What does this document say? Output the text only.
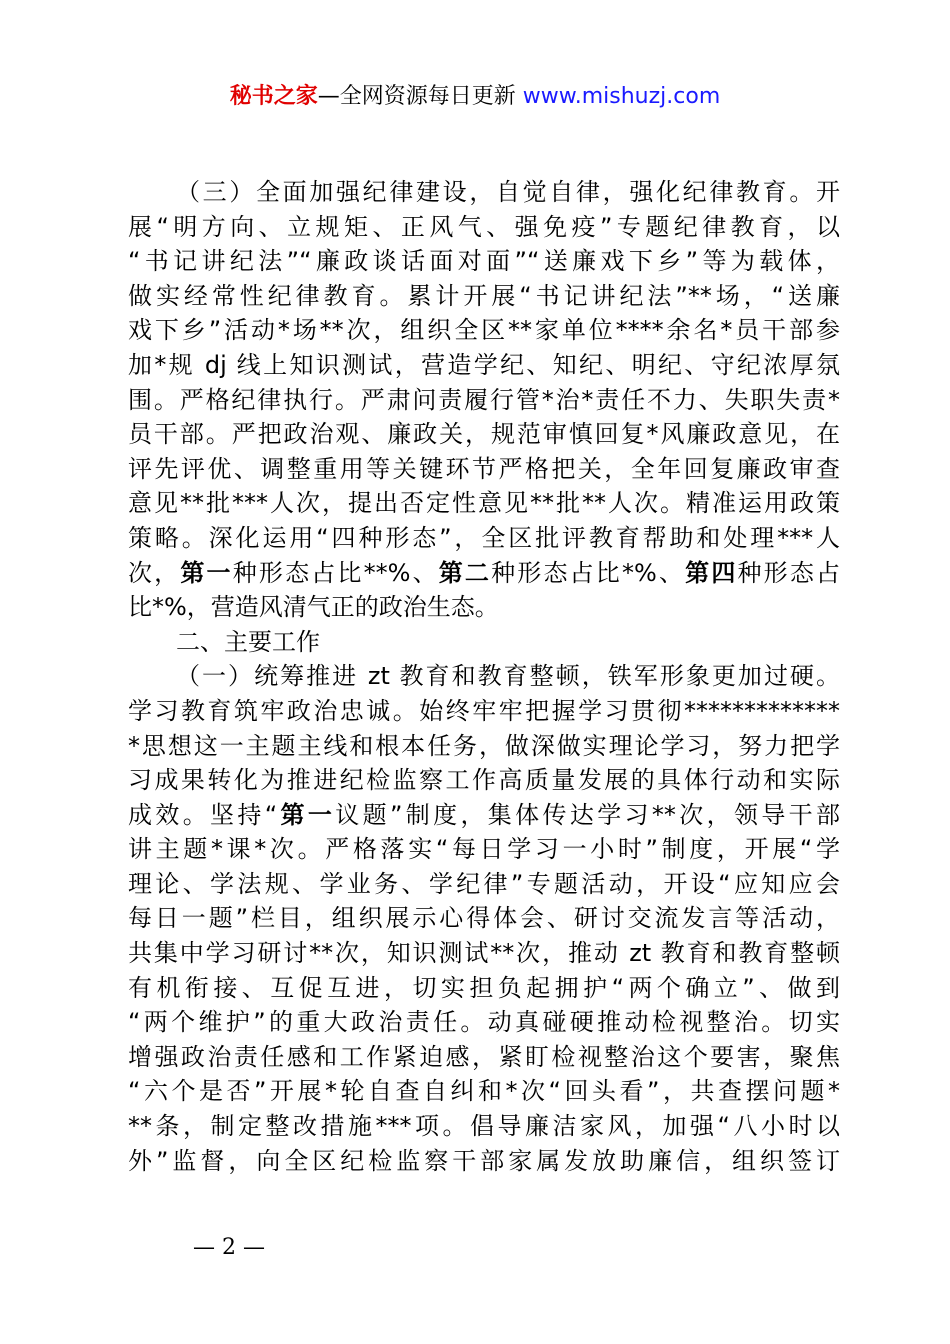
秘书之家—全网资源每日更新 www.mishuzj.com
（三）全面加强纪律建设，自觉自律，强化纪律教育。开
展“明方向、立规矩、正风气、强免疫”专题纪律教育，以
“书记讲纪法”“廉政谈话面对面”“送廉戏下乡”等为载体，
做实经常性纪律教育。累计开展“书记讲纪法”**场，“送廉
戏下乡”活动*场**次，组织全区**家单位****余名*员干部参
加*规 dj 线上知识测试，营造学纪、知纪、明纪、守纪浓厚氛
围。严格纪律执行。严肃问责履行管*治*责任不力、失职失责*
员干部。严把政治观、廉政关，规范审慎回复*风廉政意见，在
评先评优、调整重用等关键环节严格把关，全年回复廉政审查
意见**批***人次，提出否定性意见**批**人次。精准运用政策
策略。深化运用“四种形态”，全区批评教育帮助和处理***人
次，第一种形态占比**%、第二种形态占比*%、第四种形态占
比*%，营造风清气正的政治生态。
二、主要工作
（一）统筹推进 zt 教育和教育整顿，铁军形象更加过硬。
学习教育筑牢政治忠诚。始终牢牢把握学习贯彻*************
*思想这一主题主线和根本任务，做深做实理论学习，努力把学
习成果转化为推进纪检监察工作高质量发展的具体行动和实际
成效。坚持“第一议题”制度，集体传达学习**次，领导干部
讲主题*课*次。严格落实“每日学习一小时”制度，开展“学
理论、学法规、学业务、学纪律”专题活动，开设“应知应会
每日一题”栏目，组织展示心得体会、研讨交流发言等活动，
共集中学习研讨**次，知识测试**次，推动 zt 教育和教育整顿
有机衔接、互促互进，切实担负起拥护“两个确立”、做到
“两个维护”的重大政治责任。动真碰硬推动检视整治。切实
增强政治责任感和工作紧迫感，紧盯检视整治这个要害，聚焦
“六个是否”开展*轮自查自纠和*次“回头看”，共查摆问题*
**条，制定整改措施***项。倡导廉洁家风，加强“八小时以
外”监督，向全区纪检监察干部家属发放助廉信，组织签订
— 2 —
